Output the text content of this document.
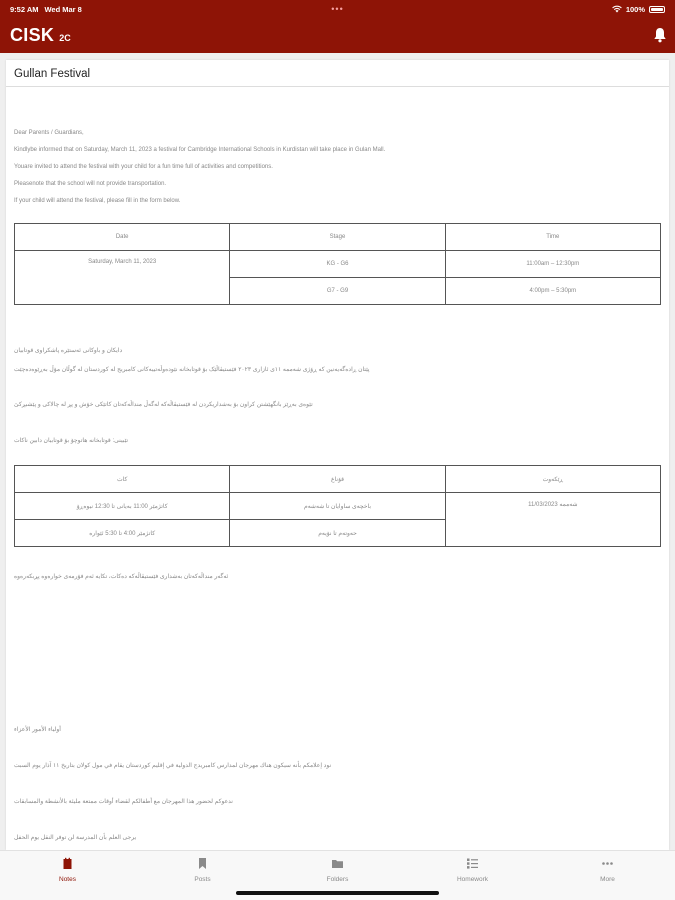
9:52 AM Wed Mar 8	•••	100%
CISK 2C
Gullan Festival
Dear Parents / Guardians,
Kindlybe informed that on Saturday, March 11, 2023 a festival for Cambridge International Schools in Kurdistan will take place in Gulan Mall.
Youare invited to attend the festival with your child for a fun time full of activities and competitions.
Pleasenote that the school will not provide transportation.
If your child will attend the festival, please fill in the form below.
Date	Stage	Time
Saturday, March 11, 2023	KG - G6	11:00am – 12:30pm
	G7 - G9	4:00pm – 5:30pm
دایکان و باوکانی ئەستێرە پاشکراوی قوتابیان
پێتان ڕادەگەیەنین کە ڕۆژی شەممە ١١ی ئازاری ٢٠٢٣ فێستیڤاڵێک بۆ قوتابخانە نێودەوڵەتییەکانی کامبریج لە کوردستان لە گوڵان مۆڵ بەڕێوەدەچێت
تێوەی بەڕێز بانگهێشتن کراون بۆ بەشداریکردن لە فێستیڤاڵەکە لەگەڵ منداڵەکەتان کاتێکی خۆش و پڕ لە چالاکی و پێشبڕکێ
تێبینی: قوتابخانە هاتوچۆ بۆ قوتابیان دابین ناکات
ڕێکەوت	قۆناغ	کات
شەممە 11/03/2023	باخچەی ساوایان تا شەشەم	کاتژمێر 11:00 بەیانی تا 12:30 نیوەڕۆ
	حەوتەم تا نۆیەم	کاتژمێر 4:00 تا 5:30 ئێوارە
ئەگەر منداڵەکەتان بەشداری فێستیڤاڵەکە دەکات، تکایە ئەم فۆرمەی خوارەوە پڕبکەرەوە
أولياء الأمور الأعزاء
نود إعلامكم بأنه سيكون هناك مهرجان لمدارس كامبريدج الدولية في إقليم كوردستان يقام في مول كولان بتاريخ ١١ آذار يوم السبت
ندعوكم لحضور هذا المهرجان مع أطفالكم لقضاء أوقات ممتعة مليئة بالأنشطة والمسابقات
يرجى العلم بأن المدرسة لن توفر النقل يوم الحفل
Notes	Posts	Folders	Homework	More
